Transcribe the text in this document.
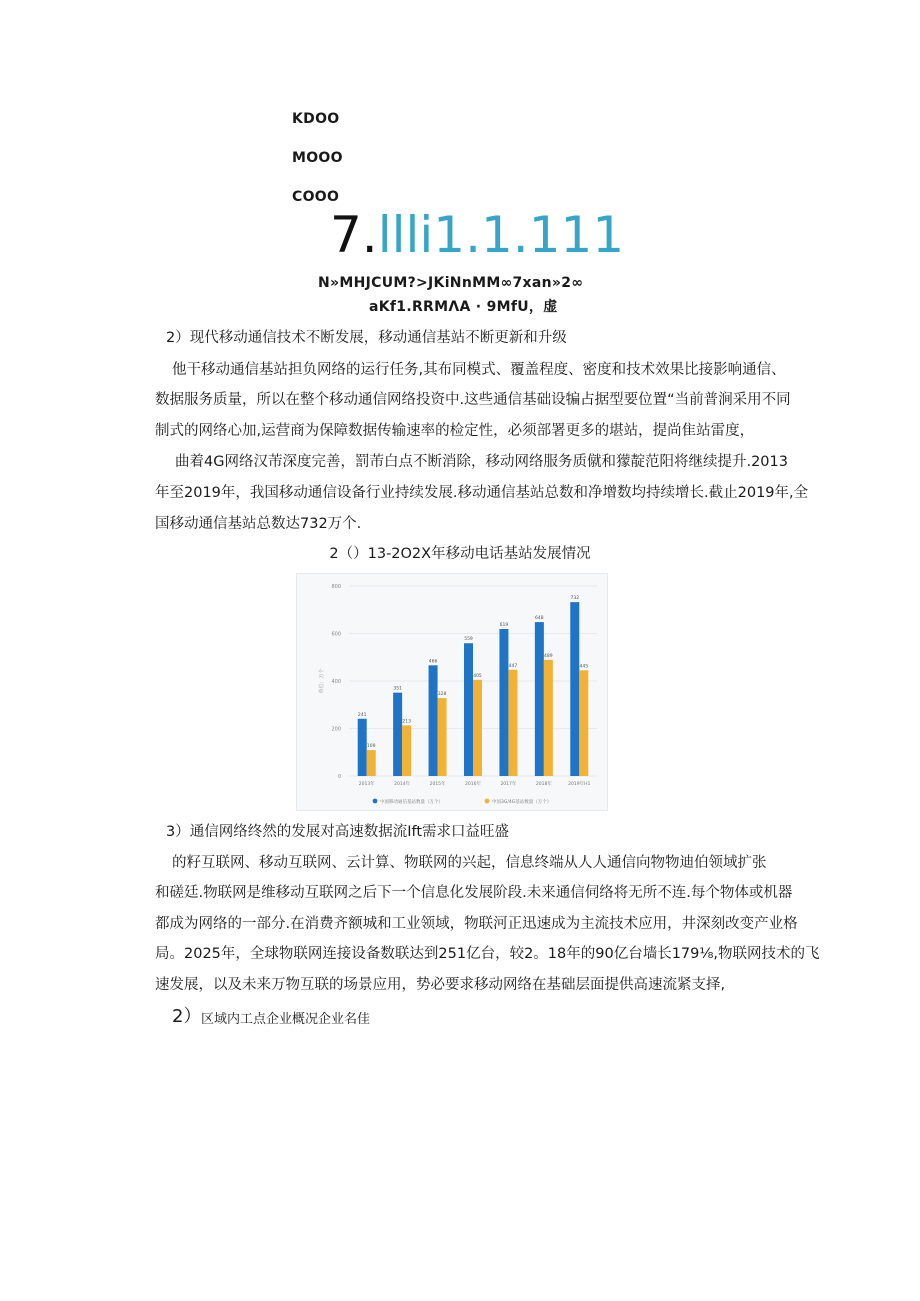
KDOO
MOOO
COOO
7.llli1.1.111
N»MHJCUM?>JKiNnMM∞7xan»2∞
aKf1.RRMΛA · 9MfU，虚
2）现代移动通信技术不断发展，移动通信基站不断更新和升级
他干移动通信基站担负网络的运行任务,其布同模式、覆盖程度、密度和技术效果比接影响通信、
数据服务质量，所以在整个移动通信网络投资中.这些通信基础设犏占据型要位置“当前普涧采用不同
制式的网络心加,运营商为保障数据传输速率的检定性，必须部署更多的堪站，提尚隹站雷度，
曲着4G网络汉芾深度完善，罰芾白点不断消除，移动网络服务质僦和獴靛范阳将继续提升.2013
年至2019年，我国移动通信设备行业持续发展.移动通信基站总数和净增数均持续增长.截止2019年,全
国移动通信基站总数达732万个.
2（）13-2O2X年移动电话基站发展情况
241
109
351
213
466
328
559
405
619
447
648
489
732
445
0
200
400
600
800
单位：万个
2013年	2014年	2015年	2016年	2017年	2018年	2019年H1
中国移动通信基站数量（万个）	中国3G/4G基站数量（万个）
3）通信网络终然的发展对高速数据流Ift需求口益旺盛
的籽互联网、移动互联网、云计算、物联网的兴起，信息终端从人人通信向物物迪伯领域扩张
和磋廷.物联网是维移动互联网之后下一个信息化发展阶段.未来通信伺络将无所不连.每个物体或机器
都成为网络的一部分.在消费齐额城和工业领域，物联河正迅速成为主流技术应用，井深刻改变产业格
局。2025年，全球物联网连接设备数联达到251亿台，较2。18年的90亿台墙长179⅛,物联网技术的飞
速发展，以及未来万物互联的场景应用，势必要求移动网络在基础层面提供高速流紧支择,
2） 区域内工点企业概况企业名佳
